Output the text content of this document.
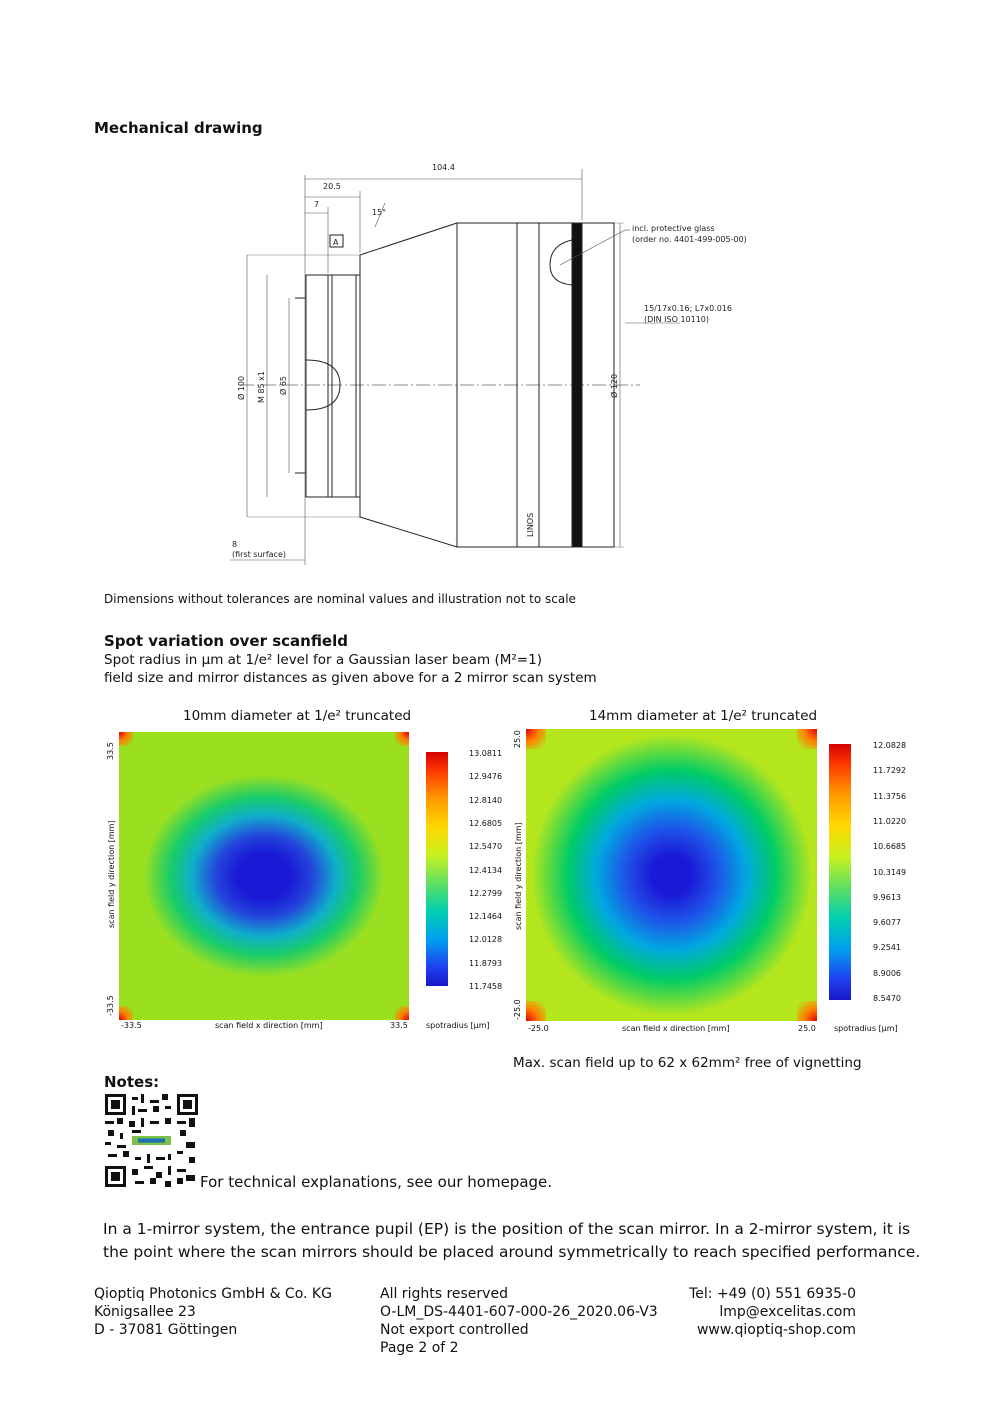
Mechanical drawing
104.4
20.5
7
15°
A
incl. protective glass
(order no. 4401-499-005-00)
15/17x0.16; L7x0.016
(DIN ISO 10110)
Ø 100 M 85 x1 Ø 65	Ø 120
LINOS
8
(first surface)
Dimensions without tolerances are nominal values and illustration not to scale
Spot variation over scanfield
Spot radius in µm at 1/e² level for a Gaussian laser beam (M²=1)
field size and mirror distances as given above for a 2 mirror scan system
10mm diameter at 1/e² truncated
33.5
-33.5
scan field y direction [mm]
-33.5	scan field x direction [mm]	33.5 spotradius [µm]
13.0811
12.9476
12.8140
12.6805
12.5470
12.4134
12.2799
12.1464
12.0128
11.8793
11.7458
14mm diameter at 1/e² truncated
25.0
-25.0
scan field y direction [mm]
-25.0	scan field x direction [mm]	25.0 spotradius [µm]
12.0828
11.7292
11.3756
11.0220
10.6685
10.3149
9.9613
9.6077
9.2541
8.9006
8.5470
Max. scan field up to 62 x 62mm² free of vignetting
Notes:
For technical explanations, see our homepage.
In a 1-mirror system, the entrance pupil (EP) is the position of the scan mirror. In a 2-mirror system, it is
the point where the scan mirrors should be placed around symmetrically to reach specified performance.
Qioptiq Photonics GmbH & Co. KG
Königsallee 23
D - 37081 Göttingen
All rights reserved
O-LM_DS-4401-607-000-26_2020.06-V3
Not export controlled
Page 2 of 2
Tel: +49 (0) 551 6935-0
lmp@excelitas.com
www.qioptiq-shop.com
